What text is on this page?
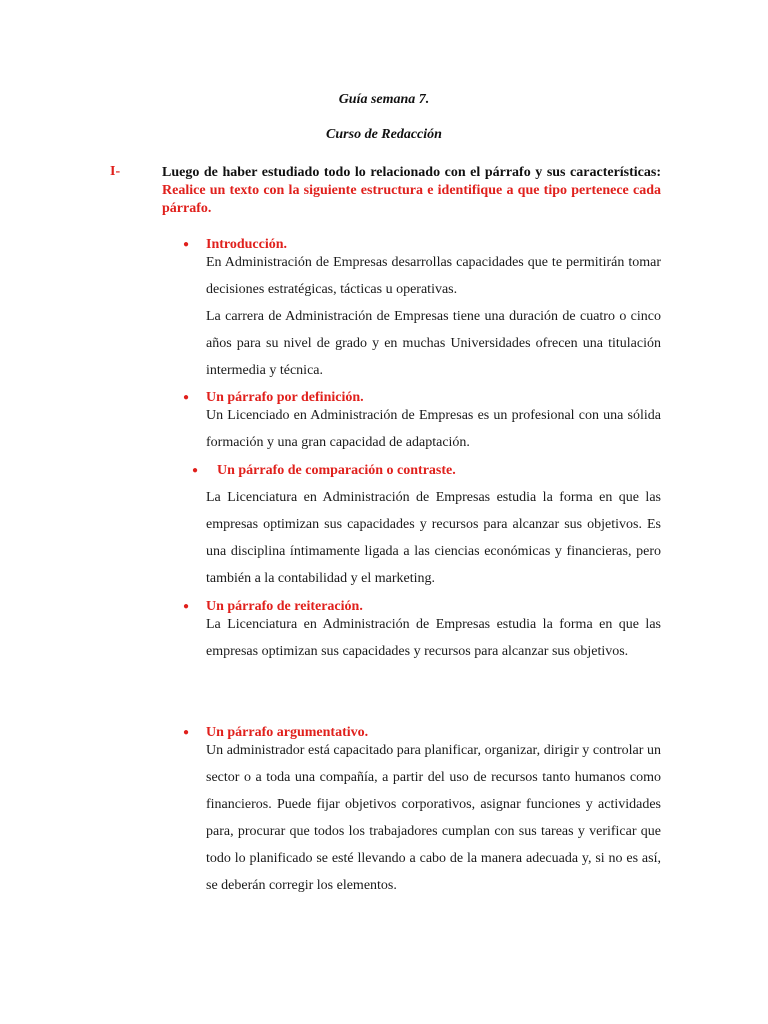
Guía semana 7.
Curso de Redacción
I-	Luego de haber estudiado todo lo relacionado con el párrafo y sus características: Realice un texto con la siguiente estructura e identifique a que tipo pertenece cada párrafo.
● Introducción.

En Administración de Empresas desarrollas capacidades que te permitirán tomar decisiones estratégicas, tácticas u operativas.

La carrera de Administración de Empresas tiene una duración de cuatro o cinco años para su nivel de grado y en muchas Universidades ofrecen una titulación intermedia y técnica.

● Un párrafo por definición.

Un Licenciado en Administración de Empresas es un profesional con una sólida formación y una gran capacidad de adaptación.

● Un párrafo de comparación o contraste.

La Licenciatura en Administración de Empresas estudia la forma en que las empresas optimizan sus capacidades y recursos para alcanzar sus objetivos. Es una disciplina íntimamente ligada a las ciencias económicas y financieras, pero también a la contabilidad y el marketing.

● Un párrafo de reiteración.

La Licenciatura en Administración de Empresas estudia la forma en que las empresas optimizan sus capacidades y recursos para alcanzar sus objetivos.

● Un párrafo argumentativo.

Un administrador está capacitado para planificar, organizar, dirigir y controlar un sector o a toda una compañía, a partir del uso de recursos tanto humanos como financieros. Puede fijar objetivos corporativos, asignar funciones y actividades para, procurar que todos los trabajadores cumplan con sus tareas y verificar que todo lo planificado se esté llevando a cabo de la manera adecuada y, si no es así, se deberán corregir los elementos.
